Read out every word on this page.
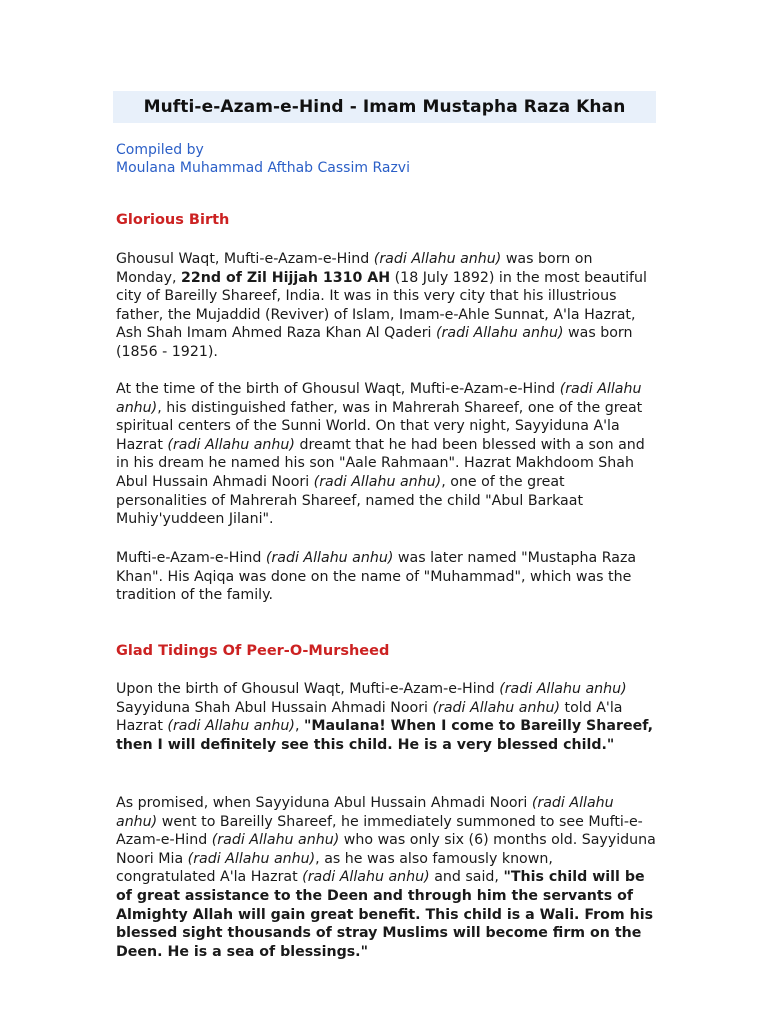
Mufti-e-Azam-e-Hind - Imam Mustapha Raza Khan
Compiled by
Moulana Muhammad Afthab Cassim Razvi
Glorious Birth
Ghousul Waqt, Mufti-e-Azam-e-Hind (radi Allahu anhu) was born on Monday, 22nd of Zil Hijjah 1310 AH (18 July 1892) in the most beautiful city of Bareilly Shareef, India. It was in this very city that his illustrious father, the Mujaddid (Reviver) of Islam, Imam-e-Ahle Sunnat, A'la Hazrat, Ash Shah Imam Ahmed Raza Khan Al Qaderi (radi Allahu anhu) was born (1856 - 1921).
At the time of the birth of Ghousul Waqt, Mufti-e-Azam-e-Hind (radi Allahu anhu), his distinguished father, was in Mahrerah Shareef, one of the great spiritual centers of the Sunni World. On that very night, Sayyiduna A'la Hazrat (radi Allahu anhu) dreamt that he had been blessed with a son and in his dream he named his son "Aale Rahmaan". Hazrat Makhdoom Shah Abul Hussain Ahmadi Noori (radi Allahu anhu), one of the great personalities of Mahrerah Shareef, named the child "Abul Barkaat Muhiy'yuddeen Jilani".
Mufti-e-Azam-e-Hind (radi Allahu anhu) was later named "Mustapha Raza Khan". His Aqiqa was done on the name of "Muhammad", which was the tradition of the family.
Glad Tidings Of Peer-O-Mursheed
Upon the birth of Ghousul Waqt, Mufti-e-Azam-e-Hind (radi Allahu anhu) Sayyiduna Shah Abul Hussain Ahmadi Noori (radi Allahu anhu) told A'la Hazrat (radi Allahu anhu), "Maulana! When I come to Bareilly Shareef, then I will definitely see this child. He is a very blessed child."
As promised, when Sayyiduna Abul Hussain Ahmadi Noori (radi Allahu anhu) went to Bareilly Shareef, he immediately summoned to see Mufti-e-Azam-e-Hind (radi Allahu anhu) who was only six (6) months old. Sayyiduna Noori Mia (radi Allahu anhu), as he was also famously known, congratulated A'la Hazrat (radi Allahu anhu) and said, "This child will be of great assistance to the Deen and through him the servants of Almighty Allah will gain great benefit. This child is a Wali. From his blessed sight thousands of stray Muslims will become firm on the Deen. He is a sea of blessings."
